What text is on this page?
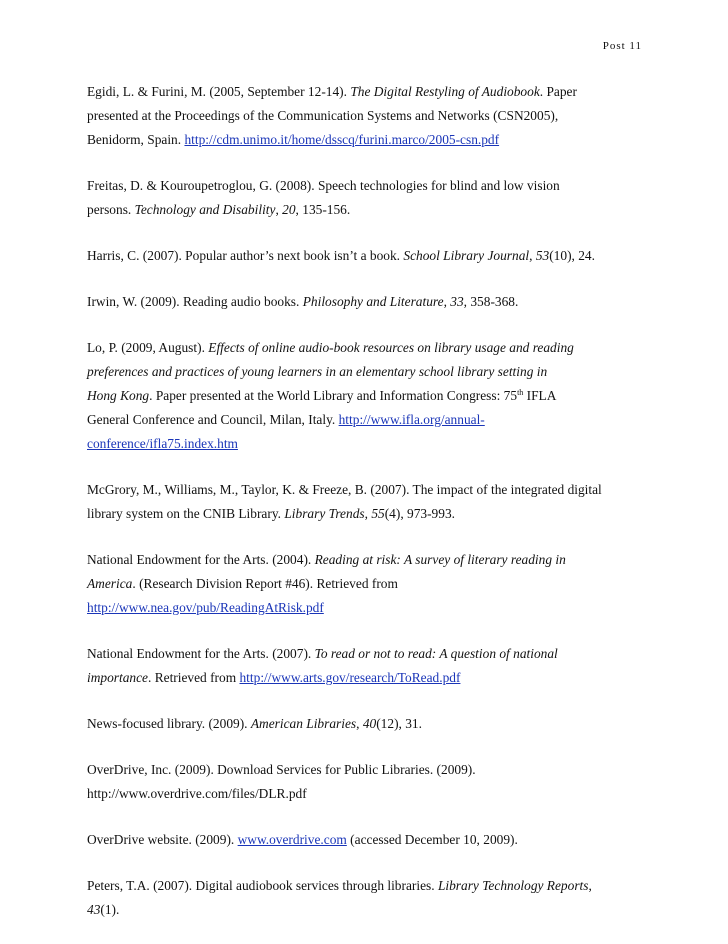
Post 11
Egidi, L. & Furini, M. (2005, September 12-14). The Digital Restyling of Audiobook. Paper
presented at the Proceedings of the Communication Systems and Networks (CSN2005),
Benidorm, Spain. http://cdm.unimo.it/home/dsscq/furini.marco/2005-csn.pdf
Freitas, D. & Kouroupetroglou, G. (2008). Speech technologies for blind and low vision
persons. Technology and Disability, 20, 135-156.
Harris, C. (2007). Popular author’s next book isn’t a book. School Library Journal, 53(10), 24.
Irwin, W. (2009). Reading audio books. Philosophy and Literature, 33, 358-368.
Lo, P. (2009, August). Effects of online audio-book resources on library usage and reading
preferences and practices of young learners in an elementary school library setting in
Hong Kong. Paper presented at the World Library and Information Congress: 75th IFLA
General Conference and Council, Milan, Italy. http://www.ifla.org/annual-
conference/ifla75.index.htm
McGrory, M., Williams, M., Taylor, K. & Freeze, B. (2007). The impact of the integrated digital
library system on the CNIB Library. Library Trends, 55(4), 973-993.
National Endowment for the Arts. (2004). Reading at risk: A survey of literary reading in
America. (Research Division Report #46). Retrieved from
http://www.nea.gov/pub/ReadingAtRisk.pdf
National Endowment for the Arts. (2007). To read or not to read: A question of national
importance. Retrieved from http://www.arts.gov/research/ToRead.pdf
News-focused library. (2009). American Libraries, 40(12), 31.
OverDrive, Inc. (2009). Download Services for Public Libraries. (2009).
http://www.overdrive.com/files/DLR.pdf
OverDrive website. (2009). www.overdrive.com (accessed December 10, 2009).
Peters, T.A. (2007). Digital audiobook services through libraries. Library Technology Reports,
43(1).
